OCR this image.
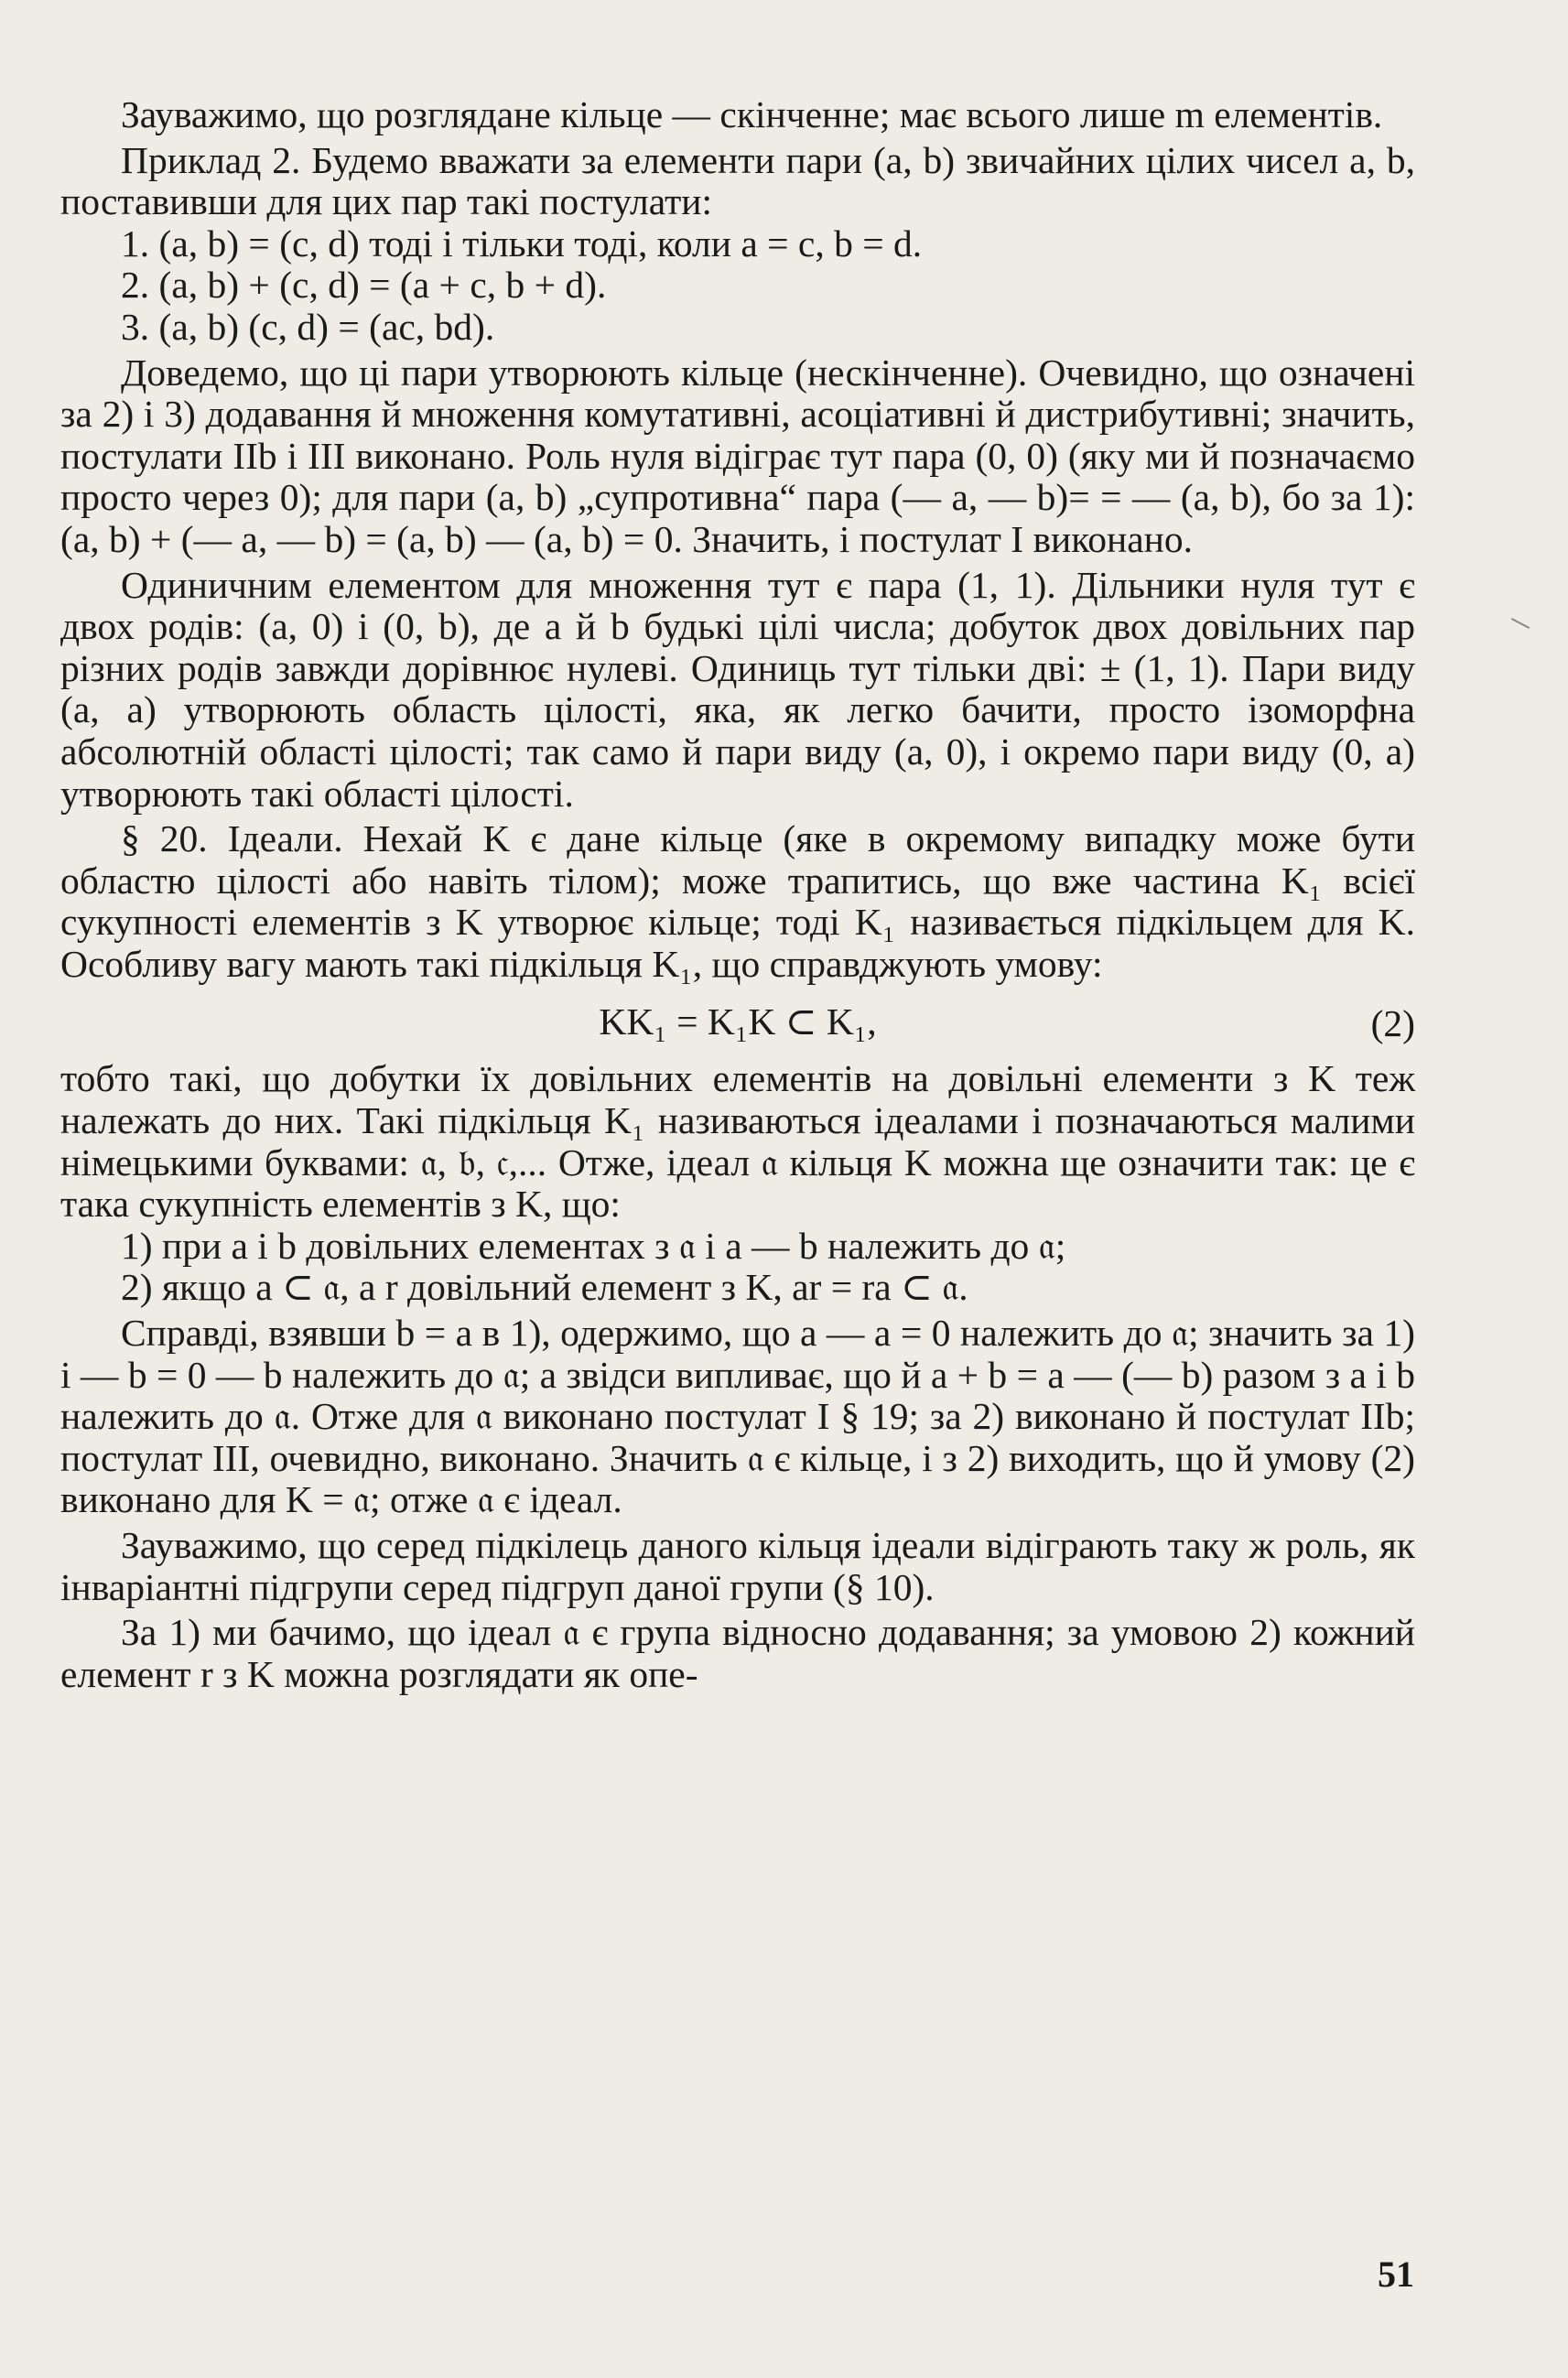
Зауважимо, що розглядане кільце — скінченне; має всього лише m елементів.

Приклад 2. Будемо вважати за елементи пари (a, b) звичайних цілих чисел a, b, поставивши для цих пар такі постулати:

1. (a, b) = (c, d) тоді і тільки тоді, коли a = c, b = d.

2. (a, b) + (c, d) = (a + c, b + d).

3. (a, b) (c, d) = (ac, bd).

Доведемо, що ці пари утворюють кільце (нескінченне). Очевидно, що означені за 2) і 3) додавання й множення комутативні, асоціативні й дистрибутивні; значить, постулати IIb і III виконано. Роль нуля відіграє тут пара (0, 0) (яку ми й позначаємо просто через 0); для пари (a, b) „супротивна“ пара (— a, — b)= = — (a, b), бо за 1): (a, b) + (— a, — b) = (a, b) — (a, b) = 0. Значить, і постулат I виконано.

Одиничним елементом для множення тут є пара (1, 1). Дільники нуля тут є двох родів: (a, 0) і (0, b), де a й b будькі цілі числа; добуток двох довільних пар різних родів завжди дорівнює нулеві. Одиниць тут тільки дві: ± (1, 1). Пари виду (a, a) утворюють область цілості, яка, як легко бачити, просто ізоморфна абсолютній області цілості; так само й пари виду (a, 0), і окремо пари виду (0, a) утворюють такі області цілості.

§ 20. Ідеали. Нехай K є дане кільце (яке в окремому випадку може бути областю цілості або навіть тілом); може трапитись, що вже частина K₁ всієї сукупності елементів з K утворює кільце; тоді K₁ називається підкільцем для K. Особливу вагу мають такі підкільця K₁, що справджують умову:

KK₁ = K₁K ⊂ K₁,	(2)

тобто такі, що добутки їх довільних елементів на довільні елементи з K теж належать до них. Такі підкільця K₁ називаються ідеалами і позначаються малими німецькими буквами: 𝔞, 𝔟, 𝔠,... Отже, ідеал 𝔞 кільця K можна ще означити так: це є така сукупність елементів з K, що:

1) при a і b довільних елементах з 𝔞 і a — b належить до 𝔞;

2) якщо a ⊂ 𝔞, a r довільний елемент з K, ar = ra ⊂ 𝔞.

Справді, взявши b = a в 1), одержимо, що a — a = 0 належить до 𝔞; значить за 1) і — b = 0 — b належить до 𝔞; а звідси випливає, що й a + b = a — (— b) разом з a і b належить до 𝔞. Отже для 𝔞 виконано постулат I § 19; за 2) виконано й постулат IIb; постулат III, очевидно, виконано. Значить 𝔞 є кільце, і з 2) виходить, що й умову (2) виконано для K = 𝔞; отже 𝔞 є ідеал.

Зауважимо, що серед підкілець даного кільця ідеали відіграють таку ж роль, як інваріантні підгрупи серед підгруп даної групи (§ 10).

За 1) ми бачимо, що ідеал 𝔞 є група відносно додавання; за умовою 2) кожний елемент r з K можна розглядати як опе-

51
